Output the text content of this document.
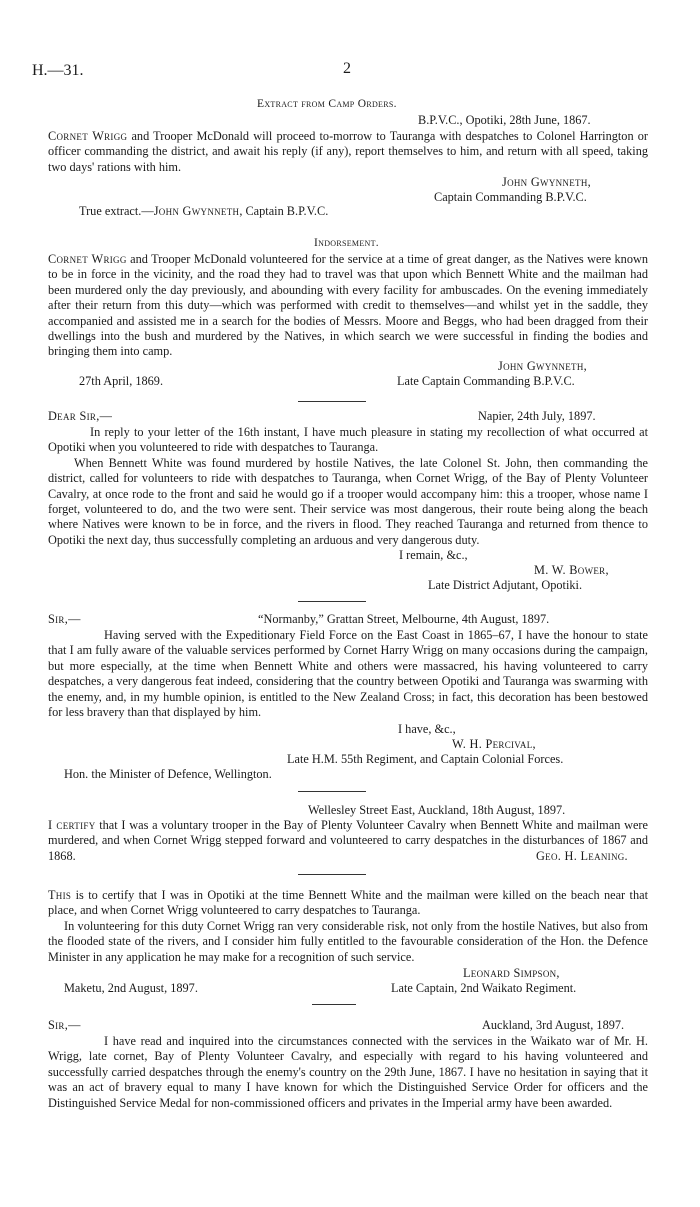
H.—31.	2
Extract from Camp Orders.
B.P.V.C., Opotiki, 28th June, 1867.

Cornet Wrigg and Trooper McDonald will proceed to-morrow to Tauranga with despatches to Colonel Harrington or officer commanding the district, and await his reply (if any), report themselves to him, and return with all speed, taking two days' rations with him.

John Gwynneth,
Captain Commanding B.P.V.C.
True extract.—John Gwynneth, Captain B.P.V.C.
Indorsement.

Cornet Wrigg and Trooper McDonald volunteered for the service at a time of great danger, as the Natives were known to be in force in the vicinity, and the road they had to travel was that upon which Bennett White and the mailman had been murdered only the day previously, and abounding with every facility for ambuscades. On the evening immediately after their return from this duty—which was performed with credit to themselves—and whilst yet in the saddle, they accompanied and assisted me in a search for the bodies of Messrs. Moore and Beggs, who had been dragged from their dwellings into the bush and murdered by the Natives, in which search we were successful in finding the bodies and bringing them into camp.

John Gwynneth,
27th April, 1869.	Late Captain Commanding B.P.V.C.
Dear Sir,—	Napier, 24th July, 1897.

In reply to your letter of the 16th instant, I have much pleasure in stating my recollection of what occurred at Opotiki when you volunteered to ride with despatches to Tauranga.

When Bennett White was found murdered by hostile Natives, the late Colonel St. John, then commanding the district, called for volunteers to ride with despatches to Tauranga, when Cornet Wrigg, of the Bay of Plenty Volunteer Cavalry, at once rode to the front and said he would go if a trooper would accompany him: this a trooper, whose name I forget, volunteered to do, and the two were sent. Their service was most dangerous, their route being along the beach where Natives were known to be in force, and the rivers in flood. They reached Tauranga and returned from thence to Opotiki the next day, thus successfully completing an arduous and very dangerous duty.

I remain, &c.,
M. W. Bower,
Late District Adjutant, Opotiki.
Sir,—	“Normanby,” Grattan Street, Melbourne, 4th August, 1897.

Having served with the Expeditionary Field Force on the East Coast in 1865–67, I have the honour to state that I am fully aware of the valuable services performed by Cornet Harry Wrigg on many occasions during the campaign, but more especially, at the time when Bennett White and others were massacred, his having volunteered to carry despatches, a very dangerous feat indeed, considering that the country between Opotiki and Tauranga was swarming with the enemy, and, in my humble opinion, is entitled to the New Zealand Cross; in fact, this decoration has been bestowed for less bravery than that displayed by him.

I have, &c.,
W. H. Percival,
Late H.M. 55th Regiment, and Captain Colonial Forces.
Hon. the Minister of Defence, Wellington.
Wellesley Street East, Auckland, 18th August, 1897.

I certify that I was a voluntary trooper in the Bay of Plenty Volunteer Cavalry when Bennett White and mailman were murdered, and when Cornet Wrigg stepped forward and volunteered to carry despatches in the disturbances of 1867 and 1868.	Geo. H. Leaning.

This is to certify that I was in Opotiki at the time Bennett White and the mailman were killed on the beach near that place, and when Cornet Wrigg volunteered to carry despatches to Tauranga.

In volunteering for this duty Cornet Wrigg ran very considerable risk, not only from the hostile Natives, but also from the flooded state of the rivers, and I consider him fully entitled to the favourable consideration of the Hon. the Defence Minister in any application he may make for a recognition of such service.

Leonard Simpson,
Maketu, 2nd August, 1897.	Late Captain, 2nd Waikato Regiment.
Sir,—	Auckland, 3rd August, 1897.

I have read and inquired into the circumstances connected with the services in the Waikato war of Mr. H. Wrigg, late cornet, Bay of Plenty Volunteer Cavalry, and especially with regard to his having volunteered and successfully carried despatches through the enemy's country on the 29th June, 1867. I have no hesitation in saying that it was an act of bravery equal to many I have known for which the Distinguished Service Order for officers and the Distinguished Service Medal for non-commissioned officers and privates in the Imperial army have been awarded.
